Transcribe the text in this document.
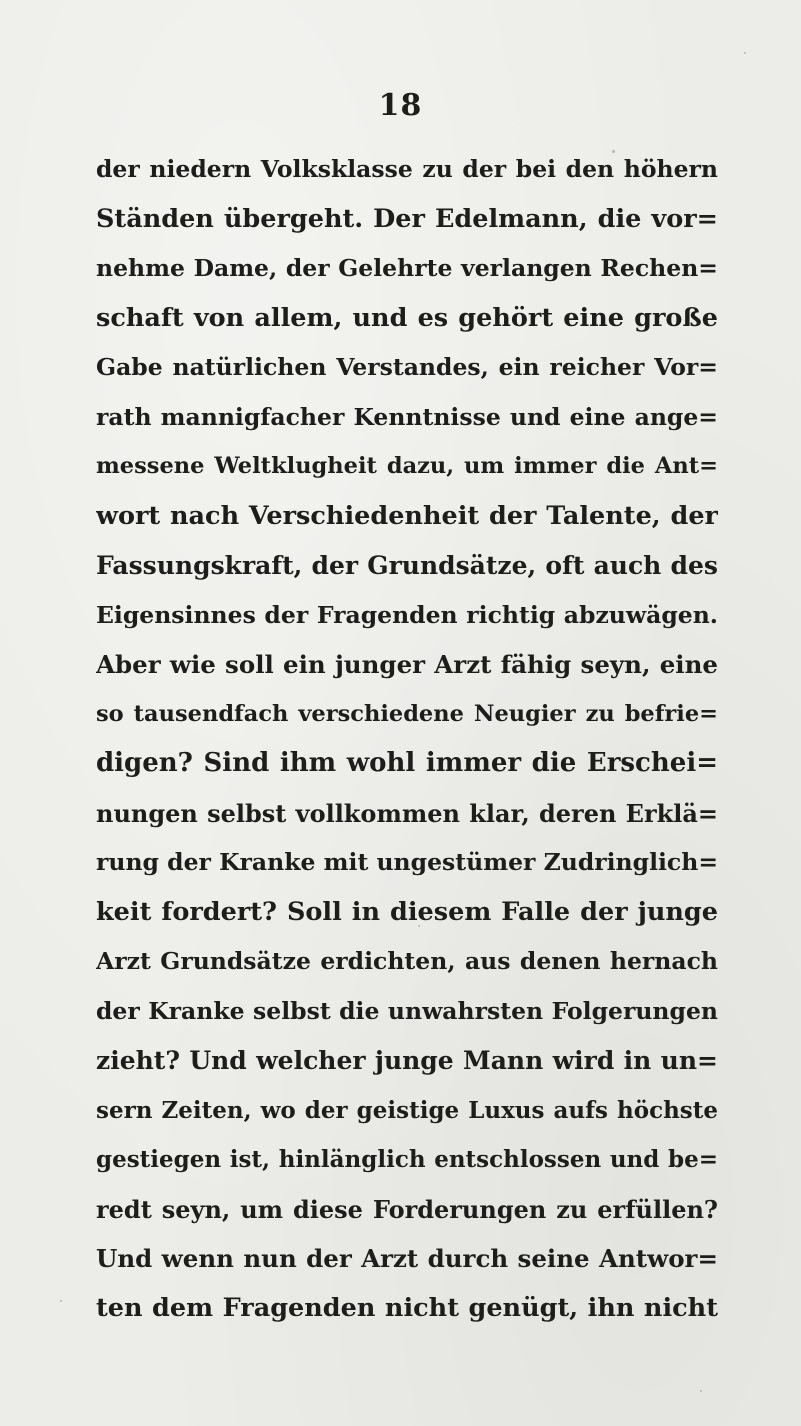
18
der niedern Volksklasse zu der bei den höhern
Ständen übergeht. Der Edelmann, die vor=
nehme Dame, der Gelehrte verlangen Rechen=
schaft von allem, und es gehört eine große
Gabe natürlichen Verstandes, ein reicher Vor=
rath mannigfacher Kenntnisse und eine ange=
messene Weltklugheit dazu, um immer die Ant=
wort nach Verschiedenheit der Talente, der
Fassungskraft, der Grundsätze, oft auch des
Eigensinnes der Fragenden richtig abzuwägen.
Aber wie soll ein junger Arzt fähig seyn, eine
so tausendfach verschiedene Neugier zu befrie=
digen? Sind ihm wohl immer die Erschei=
nungen selbst vollkommen klar, deren Erklä=
rung der Kranke mit ungestümer Zudringlich=
keit fordert? Soll in diesem Falle der junge
Arzt Grundsätze erdichten, aus denen hernach
der Kranke selbst die unwahrsten Folgerungen
zieht? Und welcher junge Mann wird in un=
sern Zeiten, wo der geistige Luxus aufs höchste
gestiegen ist, hinlänglich entschlossen und be=
redt seyn, um diese Forderungen zu erfüllen?
Und wenn nun der Arzt durch seine Antwor=
ten dem Fragenden nicht genügt, ihn nicht
